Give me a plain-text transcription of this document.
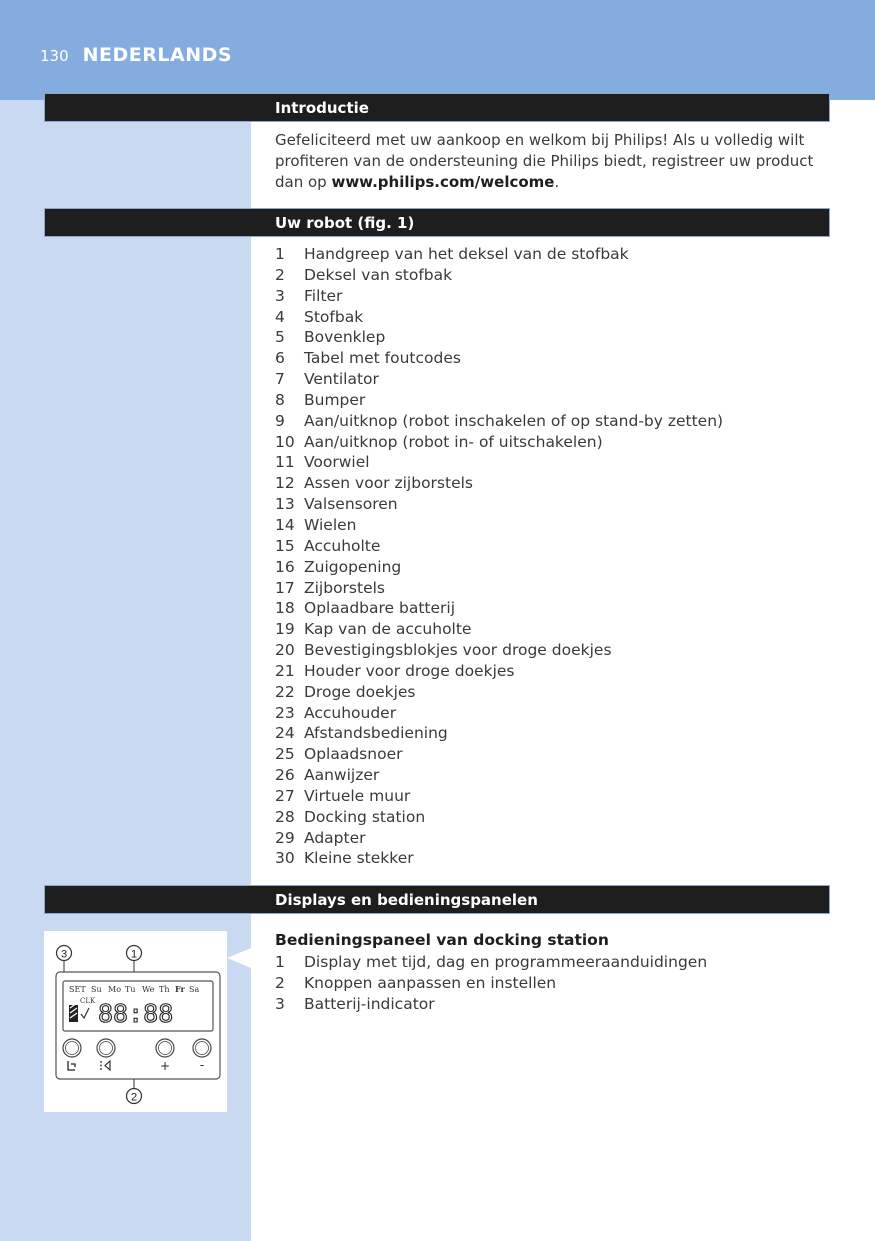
130 NEDERLANDS
Introductie

Gefeliciteerd met uw aankoop en welkom bij Philips! Als u volledig wilt profiteren van de ondersteuning die Philips biedt, registreer uw product dan op www.philips.com/welcome.

Uw robot (fig. 1)
1	Handgreep van het deksel van de stofbak
2	Deksel van stofbak
3	Filter
4	Stofbak
5	Bovenklep
6	Tabel met foutcodes
7	Ventilator
8	Bumper
9	Aan/uitknop (robot inschakelen of op stand-by zetten)
10 Aan/uitknop (robot in- of uitschakelen)
11 Voorwiel
12 Assen voor zijborstels
13 Valsensoren
14 Wielen
15 Accuholte
16 Zuigopening
17 Zijborstels
18 Oplaadbare batterij
19 Kap van de accuholte
20 Bevestigingsblokjes voor droge doekjes
21 Houder voor droge doekjes
22 Droge doekjes
23 Accuhouder
24 Afstandsbediening
25 Oplaadsnoer
26 Aanwijzer
27 Virtuele muur
28 Docking station
29 Adapter
30 Kleine stekker
Displays en bedieningspanelen
3	1
SET Su Mo Tu We Th Fr Sa
CLK 88:88
+ -
2
Bedieningspaneel van docking station
1	Display met tijd, dag en programmeeraanduidingen
2	Knoppen aanpassen en instellen
3	Batterij-indicator
